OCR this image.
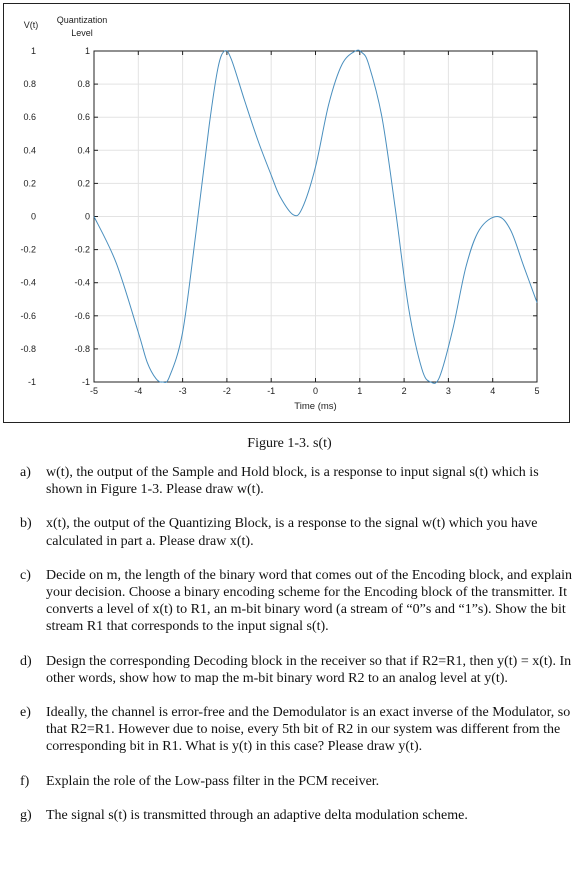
-5	-4	-3	-2	-1	0	1	2	3	4	5
1
1
0.8
0.8
0.6
0.6
0.4
0.4
0.2
0.2
0
0
-0.2
-0.2
-0.4
-0.4
-0.6
-0.6
-0.8
-0.8
-1
-1
Time (ms)
V(t) Quantization Level
Figure 1-3. s(t)
a)	w(t), the output of the Sample and Hold block, is a response to input signal s(t) which is shown in Figure 1-3. Please draw w(t).
b)	x(t), the output of the Quantizing Block, is a response to the signal w(t) which you have calculated in part a. Please draw x(t).
c)	Decide on m, the length of the binary word that comes out of the Encoding block, and explain your decision. Choose a binary encoding scheme for the Encoding block of the transmitter. It converts a level of x(t) to R1, an m-bit binary word (a stream of “0”s and “1”s). Show the bit stream R1 that corresponds to the input signal s(t).
d)	Design the corresponding Decoding block in the receiver so that if R2=R1, then y(t) = x(t). In other words, show how to map the m-bit binary word R2 to an analog level at y(t).
e)	Ideally, the channel is error-free and the Demodulator is an exact inverse of the Modulator, so that R2=R1. However due to noise, every 5th bit of R2 in our system was different from the corresponding bit in R1. What is y(t) in this case? Please draw y(t).
f)	Explain the role of the Low-pass filter in the PCM receiver.
g)	The signal s(t) is transmitted through an adaptive delta modulation scheme.
